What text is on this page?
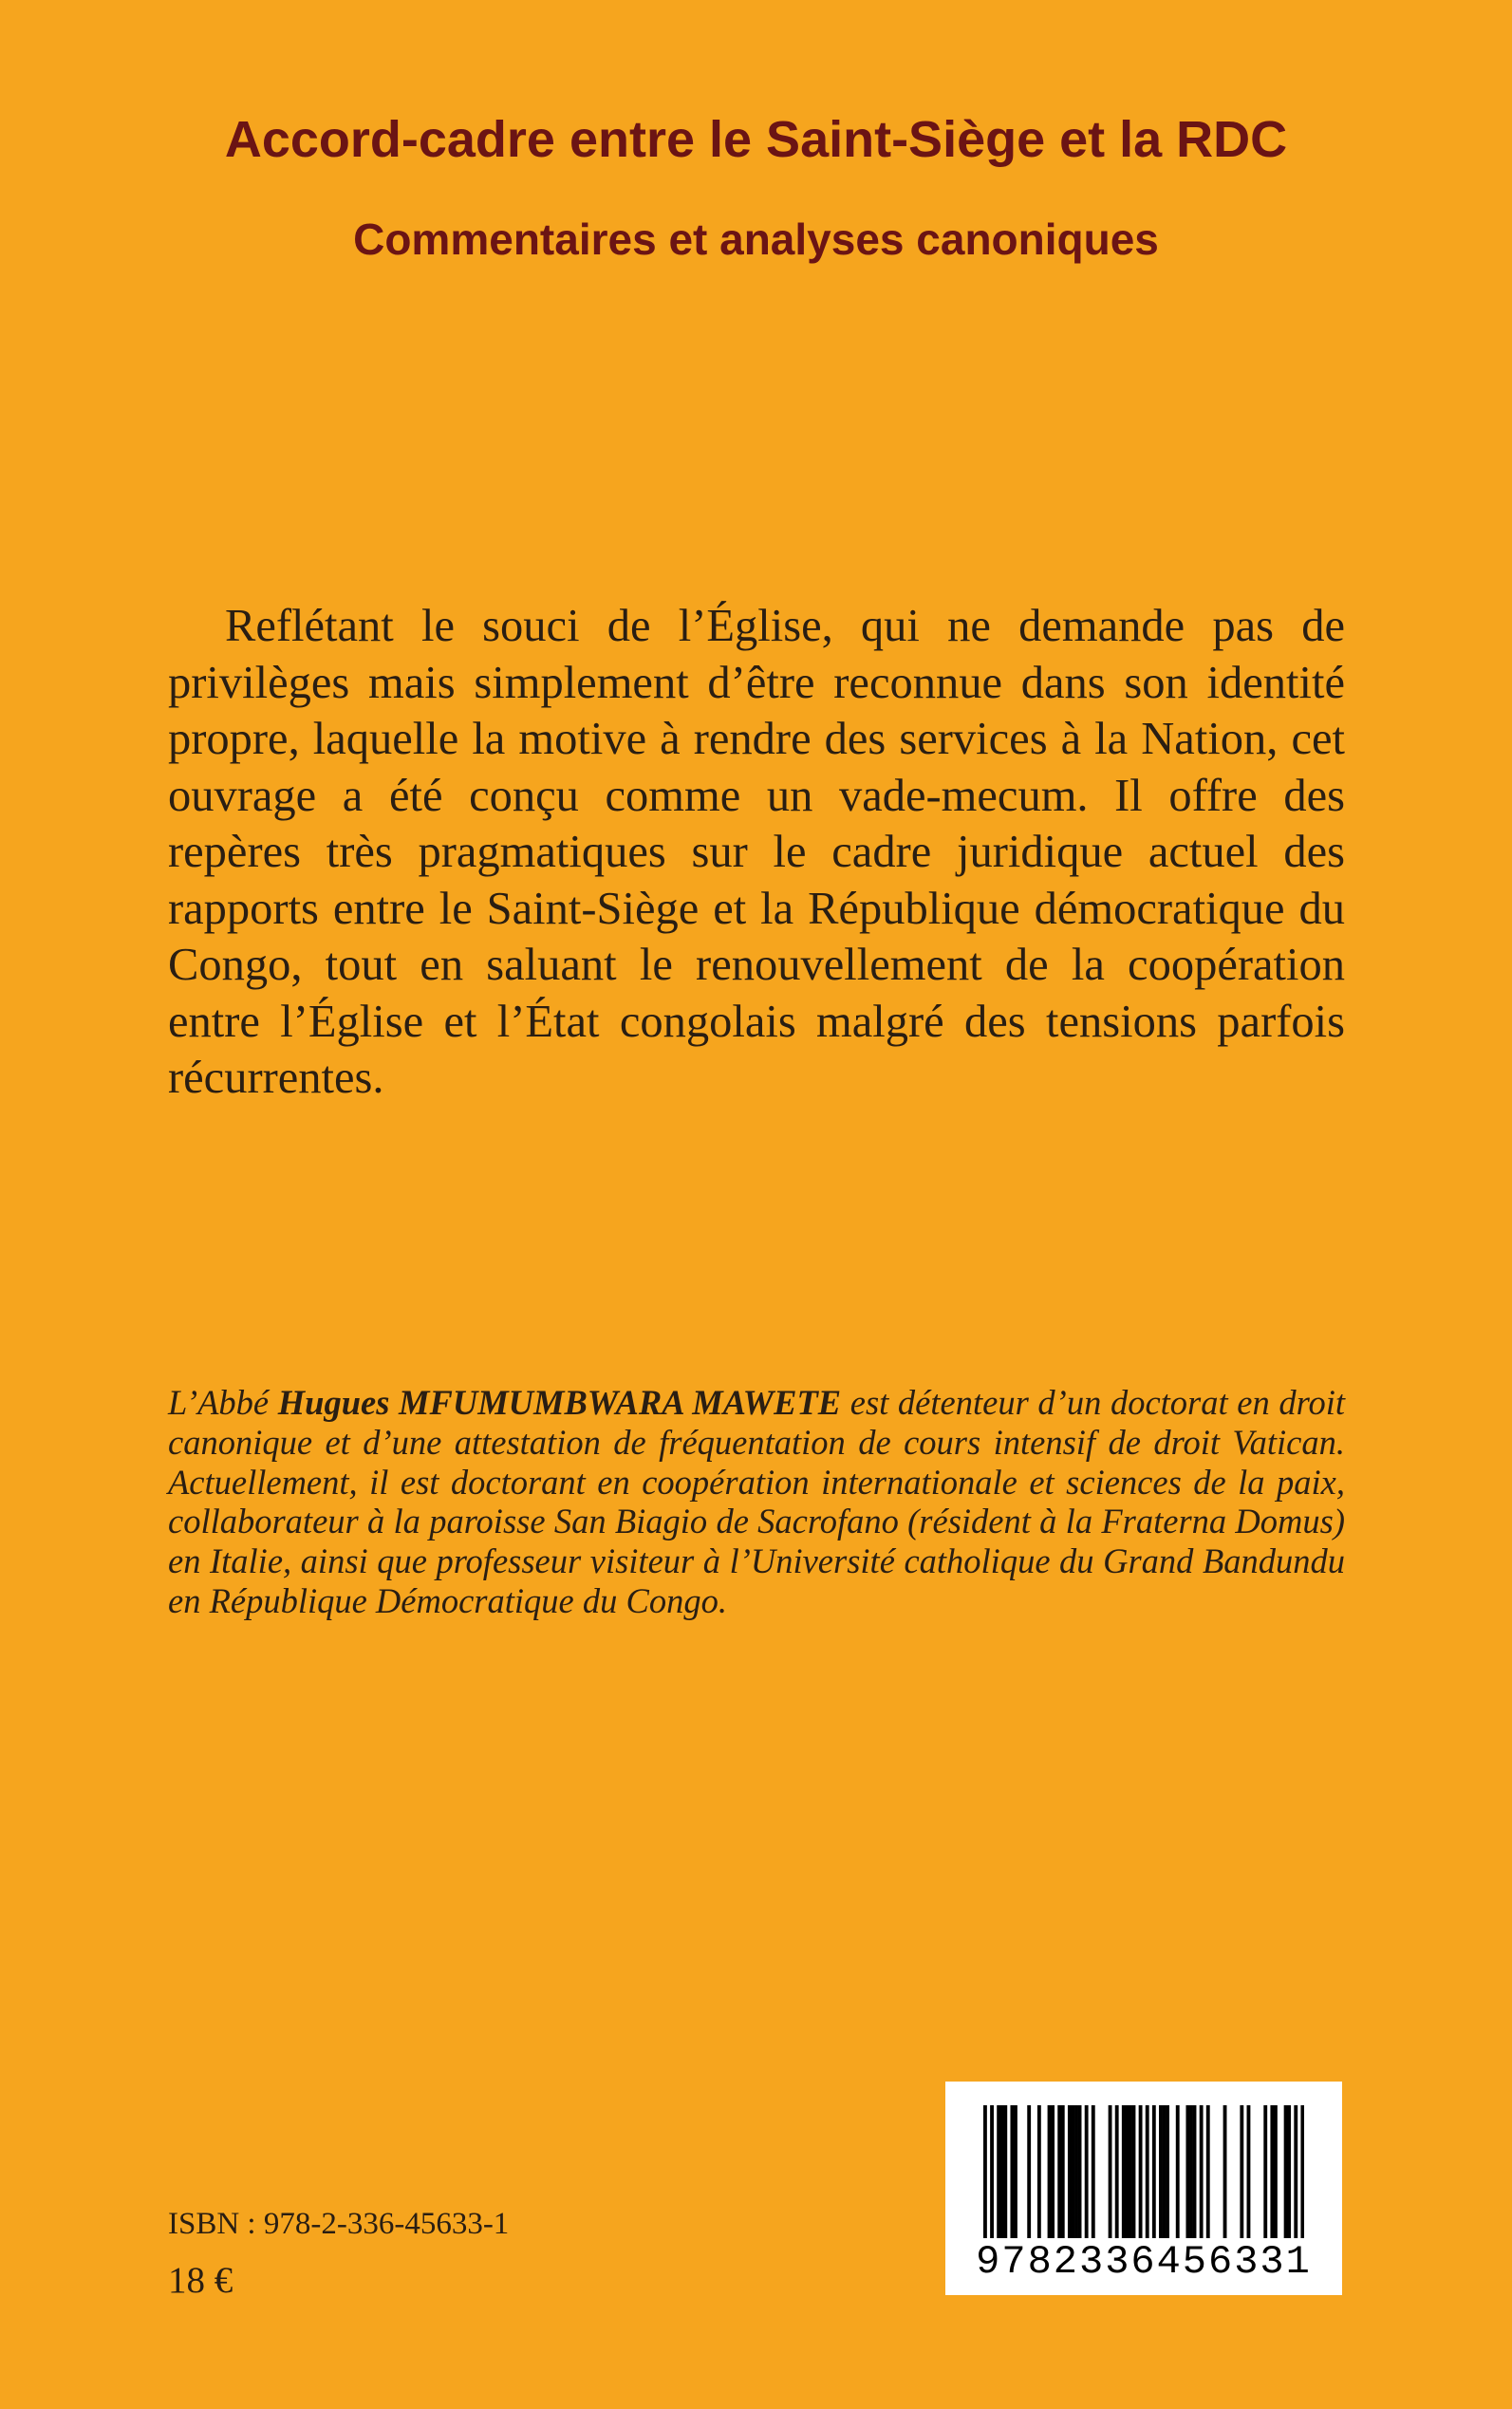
Accord-cadre entre le Saint-Siège et la RDC
Commentaires et analyses canoniques

Reflétant le souci de l’Église, qui ne demande pas de privilèges mais simplement d’être reconnue dans son identité propre, laquelle la motive à rendre des services à la Nation, cet ouvrage a été conçu comme un vade-mecum. Il offre des repères très pragmatiques sur le cadre juridique actuel des rapports entre le Saint-Siège et la République démocratique du Congo, tout en saluant le renouvellement de la coopération entre l’Église et l’État congolais malgré des tensions parfois récurrentes.

L’Abbé Hugues MFUMUMBWARA MAWETE est détenteur d’un doctorat en droit canonique et d’une attestation de fréquentation de cours intensif de droit Vatican. Actuellement, il est doctorant en coopération internationale et sciences de la paix, collaborateur à la paroisse San Biagio de Sacrofano (résident à la Fraterna Domus) en Italie, ainsi que professeur visiteur à l’Université catholique du Grand Bandundu en République Démocratique du Congo.

ISBN : 978-2-336-45633-1

18 €	9782336456331
